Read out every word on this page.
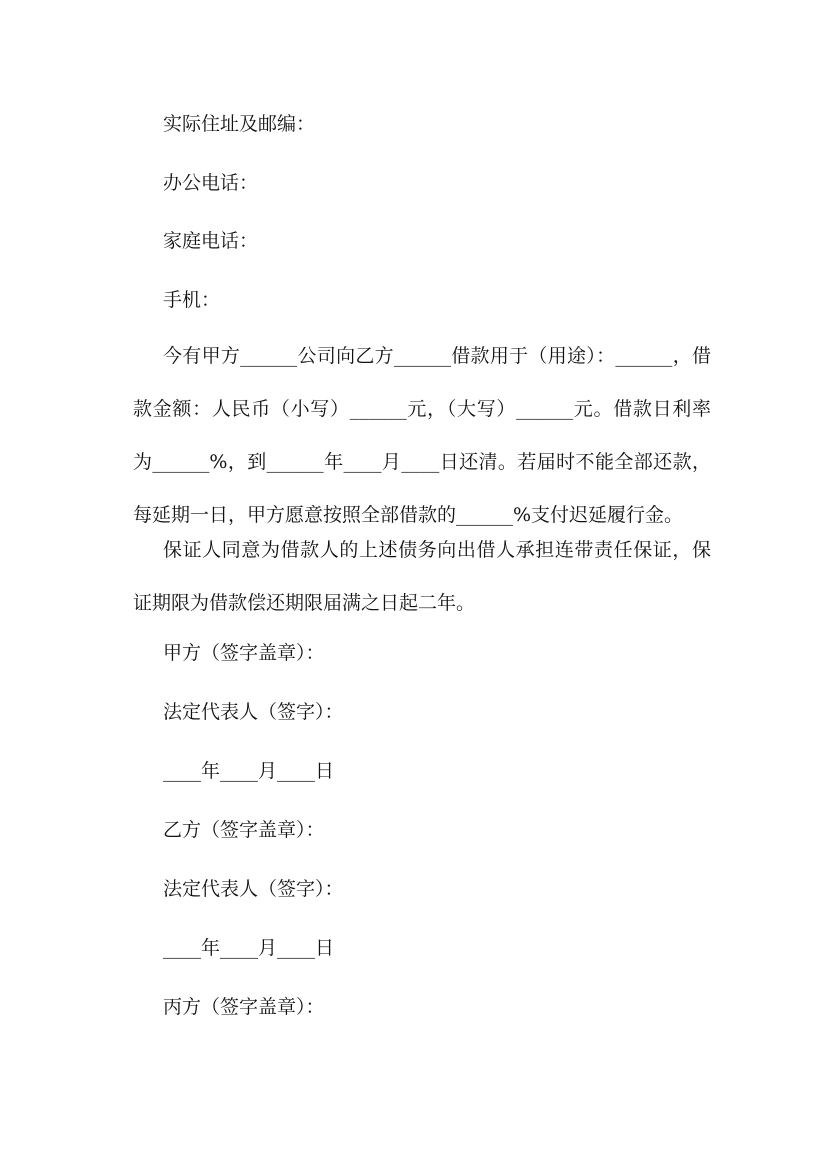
实际住址及邮编：
办公电话：
家庭电话：
手机：
今有甲方______公司向乙方______借款用于（用途）：______，借款金额：人民币（小写）______元，（大写）______元。借款日利率为______%，到______年____月____日还清。若届时不能全部还款，每延期一日，甲方愿意按照全部借款的______%支付迟延履行金。
保证人同意为借款人的上述债务向出借人承担连带责任保证，保证期限为借款偿还期限届满之日起二年。
甲方（签字盖章）：
法定代表人（签字）：
____年____月____日
乙方（签字盖章）：
法定代表人（签字）：
____年____月____日
丙方（签字盖章）：
